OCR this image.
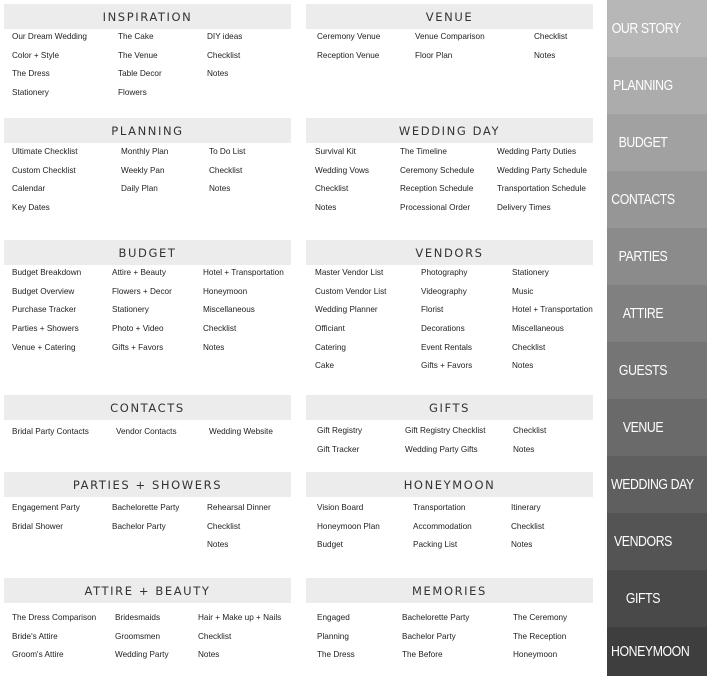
INSPIRATION
Our Dream Wedding
Color + Style
The Dress
Stationery
The Cake
The Venue
Table Decor
Flowers
DIY ideas
Checklist
Notes
VENUE
Ceremony Venue
Reception Venue
Venue Comparison
Floor Plan
Checklist
Notes
PLANNING
Ultimate Checklist
Custom Checklist
Calendar
Key Dates
Monthly Plan
Weekly Pan
Daily Plan
To Do List
Checklist
Notes
WEDDING DAY
Survival Kit
Wedding Vows
Checklist
Notes
The Timeline
Ceremony Schedule
Reception Schedule
Processional Order
Wedding Party Duties
Wedding Party Schedule
Transportation Schedule
Delivery Times
BUDGET
Budget Breakdown
Budget Overview
Purchase Tracker
Parties + Showers
Venue + Catering
Attire + Beauty
Flowers + Decor
Stationery
Photo + Video
Gifts + Favors
Hotel + Transportation
Honeymoon
Miscellaneous
Checklist
Notes
VENDORS
Master Vendor List
Custom Vendor List
Wedding Planner
Officiant
Catering
Cake
Photography
Videography
Florist
Decorations
Event Rentals
Gifts + Favors
Stationery
Music
Hotel + Transportation
Miscellaneous
Checklist
Notes
CONTACTS
Bridal Party Contacts	Vendor Contacts	Wedding Website
GIFTS
Gift Registry
Gift Tracker
Gift Registry Checklist
Wedding Party Gifts
Checklist
Notes
PARTIES + SHOWERS
Engagement Party
Bridal Shower
Bachelorette Party
Bachelor Party
Rehearsal Dinner
Checklist
Notes
HONEYMOON
Vision Board
Honeymoon Plan
Budget
Transportation
Accommodation
Packing List
Itinerary
Checklist
Notes
ATTIRE + BEAUTY
The Dress Comparison
Bride's Attire
Groom's Attire
Bridesmaids
Groomsmen
Wedding Party
Hair + Make up + Nails
Checklist
Notes
MEMORIES
Engaged
Planning
The Dress
Bachelorette Party
Bachelor Party
The Before
The Ceremony
The Reception
Honeymoon
OUR STORY
PLANNING
BUDGET
CONTACTS
PARTIES
ATTIRE
GUESTS
VENUE
WEDDING DAY
VENDORS
GIFTS
HONEYMOON
